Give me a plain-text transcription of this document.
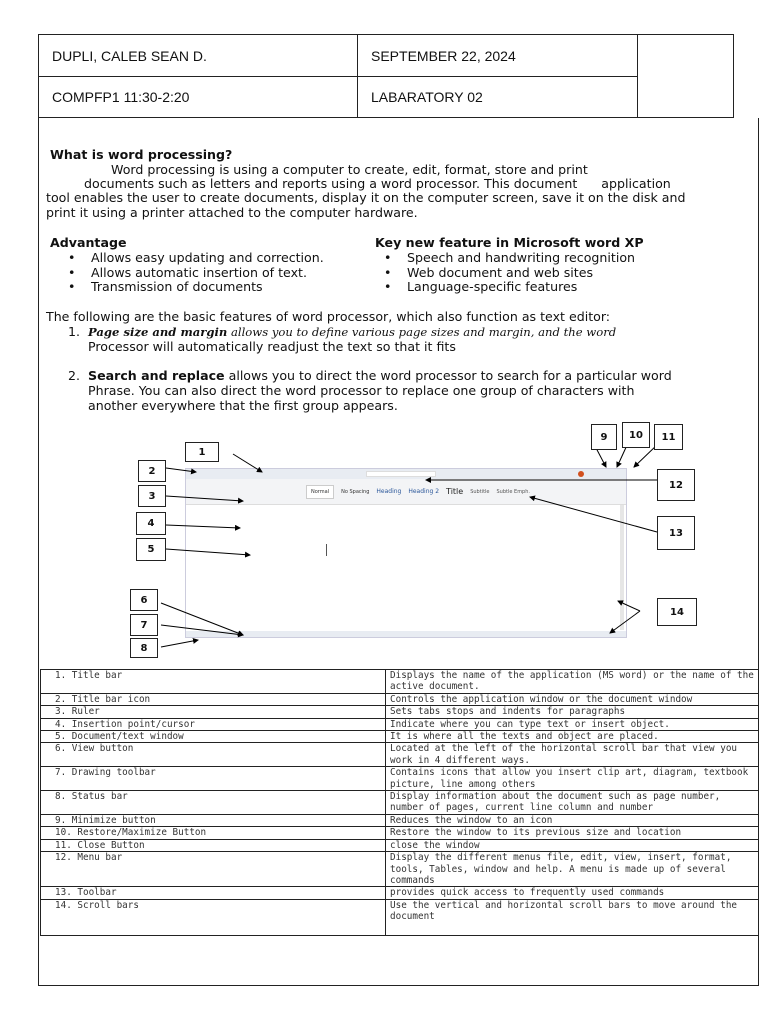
DUPLI, CALEB SEAN D.	SEPTEMBER 22, 2024	
COMPFP1 11:30-2:20	LABARATORY 02	
What is word processing?
Word processing is using a computer to create, edit, format, store and print
documents such as letters and reports using a word processor. This document      application
tool enables the user to create documents, display it on the computer screen, save it on the disk and
print it using a printer attached to the computer hardware.
Advantage
• Allows easy updating and correction.
• Allows automatic insertion of text.
• Transmission of documents
Key new feature in Microsoft word XP
• Speech and handwriting recognition
• Web document and web sites
• Language-specific features
The following are the basic features of word processor, which also function as text editor:
1. Page size and margin allows you to define various page sizes and margin, and the word
Processor will automatically readjust the text so that it fits
2. Search and replace allows you to direct the word processor to search for a particular word
Phrase. You can also direct the word processor to replace one group of characters with
another everywhere that the first group appears.
Normal	No Spacing Heading Heading 2 Title Subtitle Subtle Emph.
1
2
3
4
5
6
7
8
9	10	11
12
13
14
1. Title bar	Displays the name of the application (MS word) or the name of the active document.
2. Title bar icon	Controls the application window or the document window
3. Ruler	Sets tabs stops and indents for paragraphs
4. Insertion point/cursor	Indicate where you can type text or insert object.
5. Document/text window	It is where all the texts and object are placed.
6. View button	Located at the left of the horizontal scroll bar that view you work in 4 different ways.
7. Drawing toolbar	Contains icons that allow you insert clip art, diagram, textbook picture, line among others
8. Status bar	Display information about the document such as page number, number of pages, current line column and number
9. Minimize button	Reduces the window to an icon
10. Restore/Maximize Button	Restore the window to its previous size and location
11. Close Button	close the window
12. Menu bar	Display the different menus file, edit, view, insert, format, tools, Tables, window and help. A menu is made up of several commands
13. Toolbar	provides quick access to frequently used commands
14. Scroll bars	Use the vertical and horizontal scroll bars to move around the document
